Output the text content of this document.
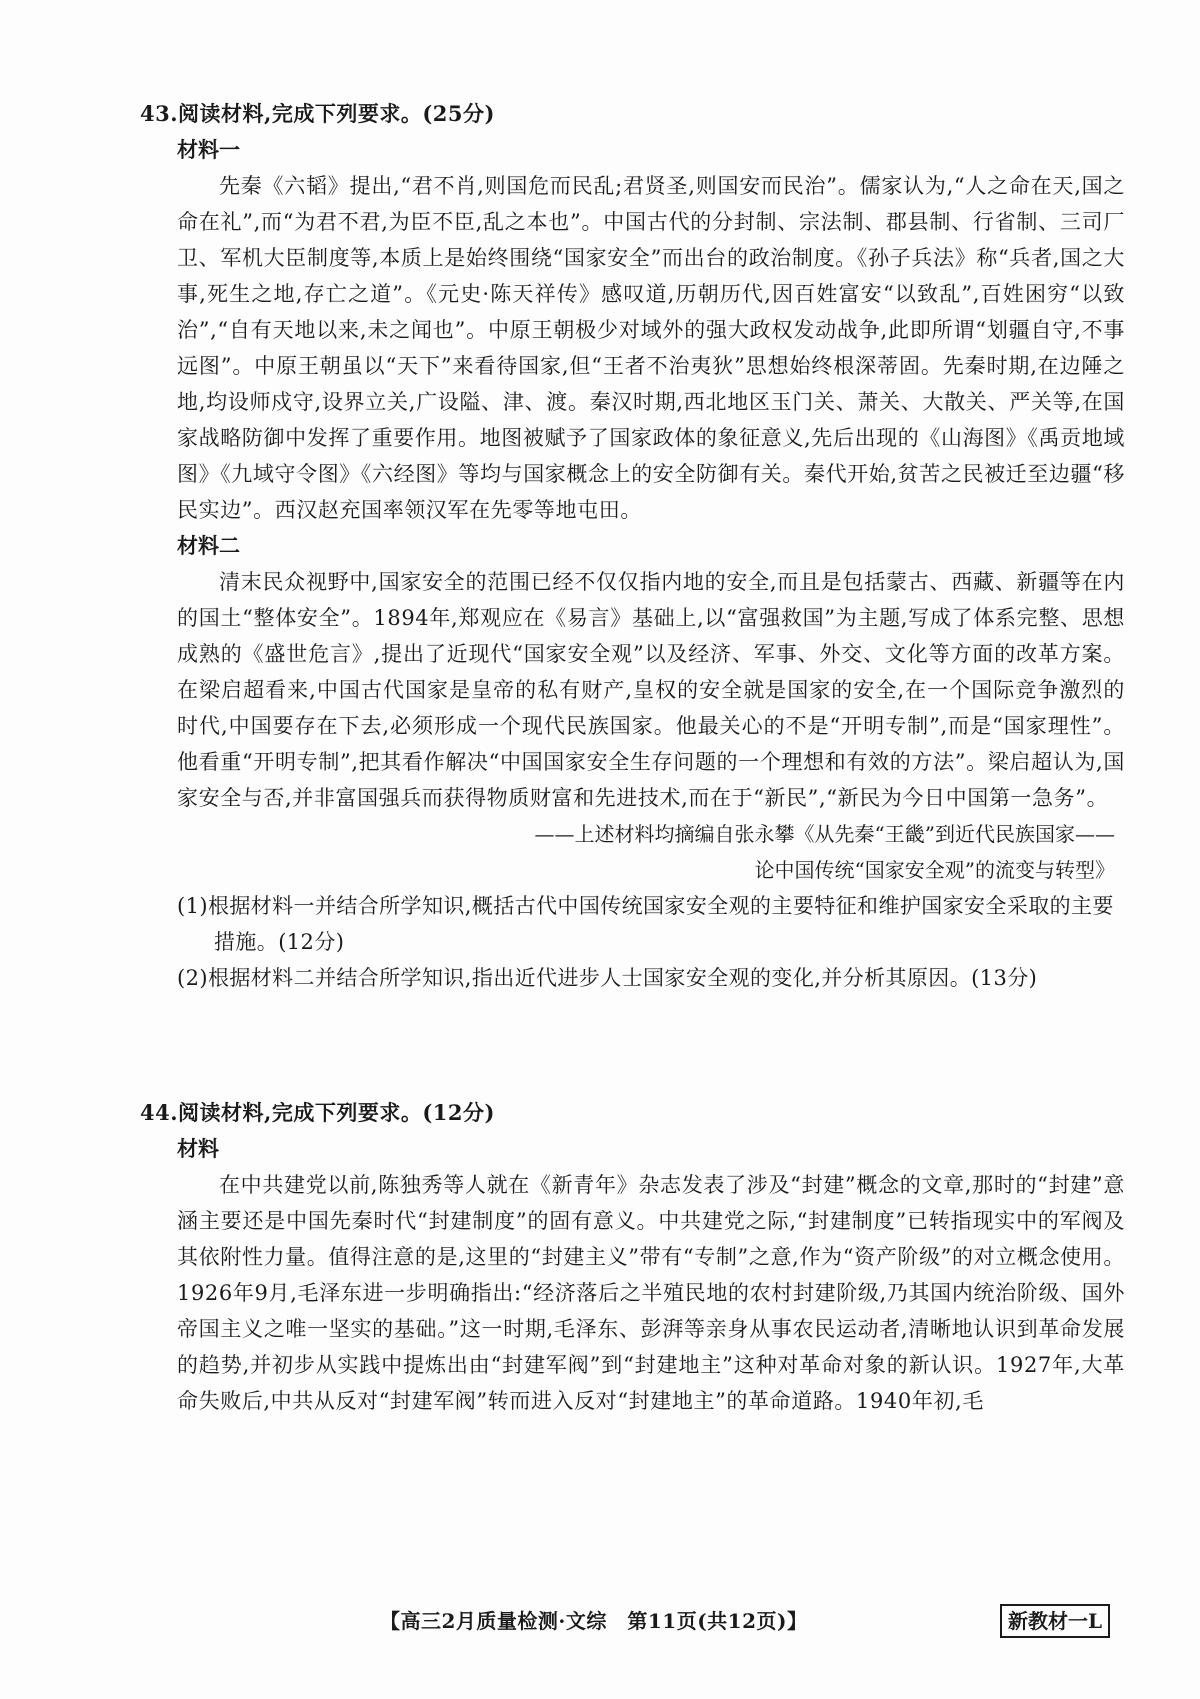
43.阅读材料,完成下列要求。(25分)
材料一

先秦《六韬》提出,“君不肖,则国危而民乱;君贤圣,则国安而民治”。儒家认为,“人之命在天,国之命在礼”,而“为君不君,为臣不臣,乱之本也”。中国古代的分封制、宗法制、郡县制、行省制、三司厂卫、军机大臣制度等,本质上是始终围绕“国家安全”而出台的政治制度。《孙子兵法》称“兵者,国之大事,死生之地,存亡之道”。《元史·陈天祥传》感叹道,历朝历代,因百姓富安“以致乱”,百姓困穷“以致治”,“自有天地以来,未之闻也”。中原王朝极少对域外的强大政权发动战争,此即所谓“划疆自守,不事远图”。中原王朝虽以“天下”来看待国家,但“王者不治夷狄”思想始终根深蒂固。先秦时期,在边陲之地,均设师戍守,设界立关,广设隘、津、渡。秦汉时期,西北地区玉门关、萧关、大散关、严关等,在国家战略防御中发挥了重要作用。地图被赋予了国家政体的象征意义,先后出现的《山海图》《禹贡地域图》《九域守令图》《六经图》等均与国家概念上的安全防御有关。秦代开始,贫苦之民被迁至边疆“移民实边”。西汉赵充国率领汉军在先零等地屯田。

材料二

清末民众视野中,国家安全的范围已经不仅仅指内地的安全,而且是包括蒙古、西藏、新疆等在内的国土“整体安全”。1894年,郑观应在《易言》基础上,以“富强救国”为主题,写成了体系完整、思想成熟的《盛世危言》,提出了近现代“国家安全观”以及经济、军事、外交、文化等方面的改革方案。在梁启超看来,中国古代国家是皇帝的私有财产,皇权的安全就是国家的安全,在一个国际竞争激烈的时代,中国要存在下去,必须形成一个现代民族国家。他最关心的不是“开明专制”,而是“国家理性”。他看重“开明专制”,把其看作解决“中国国家安全生存问题的一个理想和有效的方法”。梁启超认为,国家安全与否,并非富国强兵而获得物质财富和先进技术,而在于“新民”,“新民为今日中国第一急务”。

——上述材料均摘编自张永攀《从先秦“王畿”到近代民族国家——

论中国传统“国家安全观”的流变与转型》

(1)根据材料一并结合所学知识,概括古代中国传统国家安全观的主要特征和维护国家安全采取的主要措施。(12分)

(2)根据材料二并结合所学知识,指出近代进步人士国家安全观的变化,并分析其原因。(13分)

44.阅读材料,完成下列要求。(12分)
材料

在中共建党以前,陈独秀等人就在《新青年》杂志发表了涉及“封建”概念的文章,那时的“封建”意涵主要还是中国先秦时代“封建制度”的固有意义。中共建党之际,“封建制度”已转指现实中的军阀及其依附性力量。值得注意的是,这里的“封建主义”带有“专制”之意,作为“资产阶级”的对立概念使用。1926年9月,毛泽东进一步明确指出:“经济落后之半殖民地的农村封建阶级,乃其国内统治阶级、国外帝国主义之唯一坚实的基础。”这一时期,毛泽东、彭湃等亲身从事农民运动者,清晰地认识到革命发展的趋势,并初步从实践中提炼出由“封建军阀”到“封建地主”这种对革命对象的新认识。1927年,大革命失败后,中共从反对“封建军阀”转而进入反对“封建地主”的革命道路。1940年初,毛

【高三2月质量检测·文综　第11页(共12页)】	新教材一L
